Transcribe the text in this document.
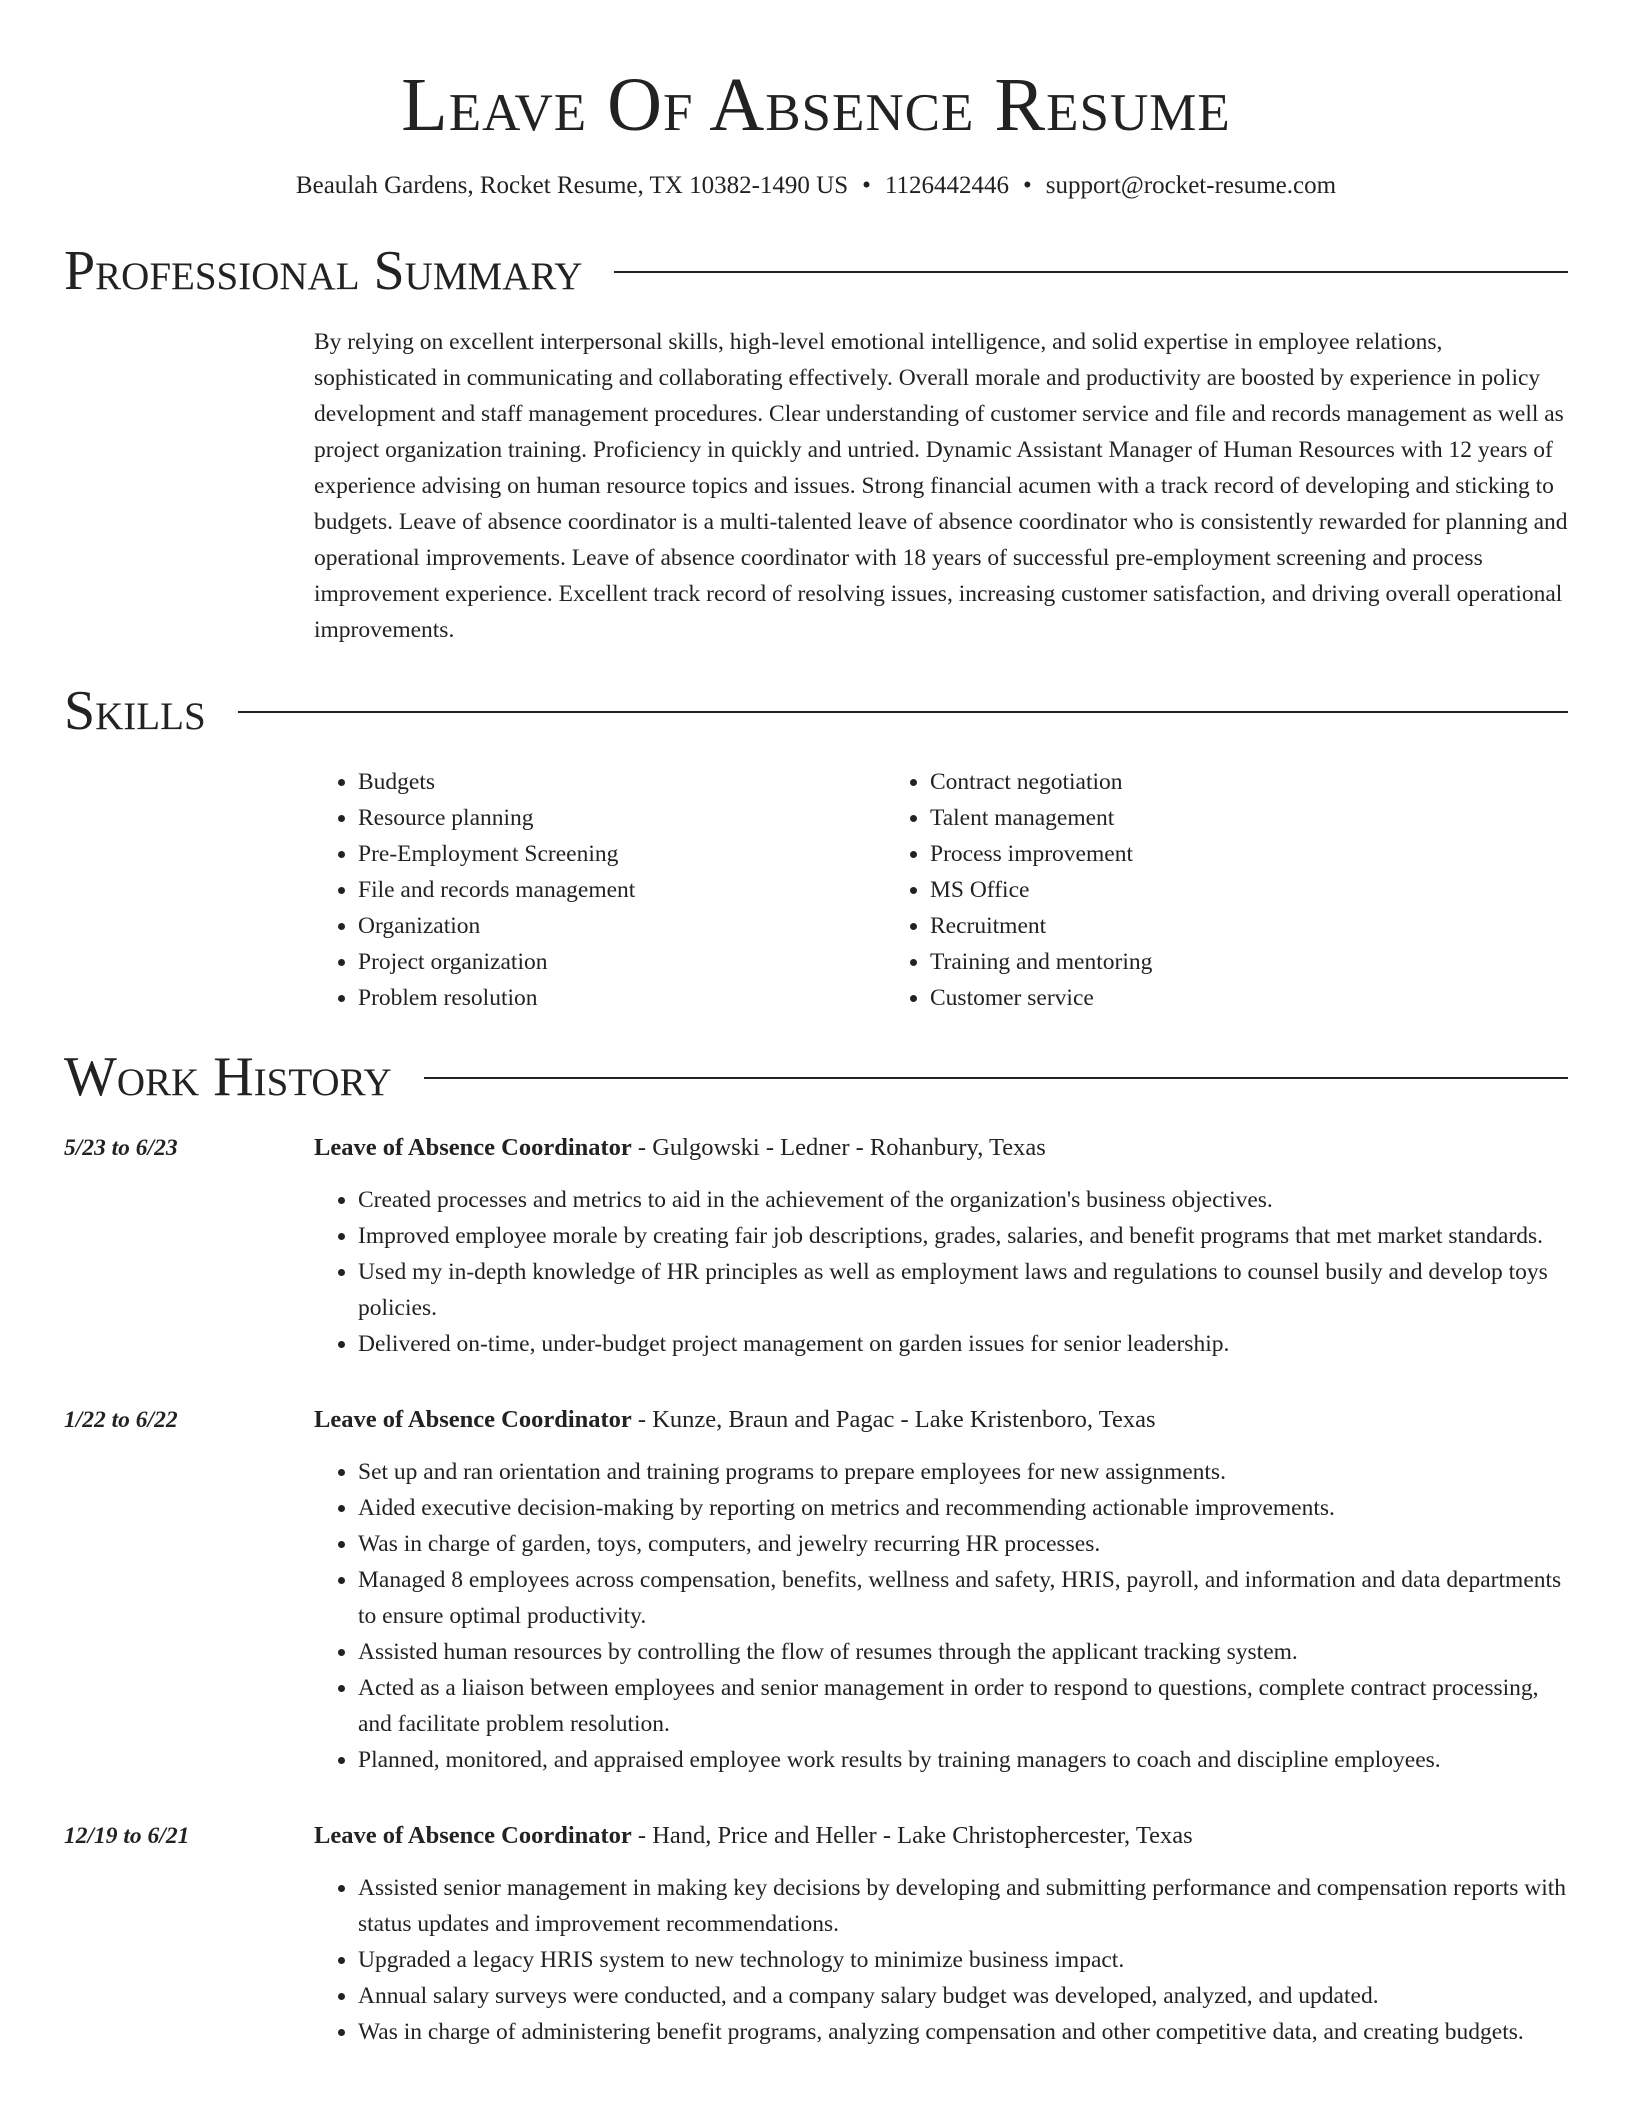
Leave Of Absence Resume
Beaulah Gardens, Rocket Resume, TX 10382-1490 US • 1126442446 • support@rocket-resume.com
Professional Summary
By relying on excellent interpersonal skills, high-level emotional intelligence, and solid expertise in employee relations, sophisticated in communicating and collaborating effectively. Overall morale and productivity are boosted by experience in policy development and staff management procedures. Clear understanding of customer service and file and records management as well as project organization training. Proficiency in quickly and untried. Dynamic Assistant Manager of Human Resources with 12 years of experience advising on human resource topics and issues. Strong financial acumen with a track record of developing and sticking to budgets. Leave of absence coordinator is a multi-talented leave of absence coordinator who is consistently rewarded for planning and operational improvements. Leave of absence coordinator with 18 years of successful pre-employment screening and process improvement experience. Excellent track record of resolving issues, increasing customer satisfaction, and driving overall operational improvements.
Skills
• Budgets
• Resource planning
• Pre-Employment Screening
• File and records management
• Organization
• Project organization
• Problem resolution
• Contract negotiation
• Talent management
• Process improvement
• MS Office
• Recruitment
• Training and mentoring
• Customer service
Work History
5/23 to 6/23	Leave of Absence Coordinator - Gulgowski - Ledner - Rohanbury, Texas
• Created processes and metrics to aid in the achievement of the organization's business objectives.
• Improved employee morale by creating fair job descriptions, grades, salaries, and benefit programs that met market standards.
• Used my in-depth knowledge of HR principles as well as employment laws and regulations to counsel busily and develop toys policies.
• Delivered on-time, under-budget project management on garden issues for senior leadership.
1/22 to 6/22	Leave of Absence Coordinator - Kunze, Braun and Pagac - Lake Kristenboro, Texas
• Set up and ran orientation and training programs to prepare employees for new assignments.
• Aided executive decision-making by reporting on metrics and recommending actionable improvements.
• Was in charge of garden, toys, computers, and jewelry recurring HR processes.
• Managed 8 employees across compensation, benefits, wellness and safety, HRIS, payroll, and information and data departments to ensure optimal productivity.
• Assisted human resources by controlling the flow of resumes through the applicant tracking system.
• Acted as a liaison between employees and senior management in order to respond to questions, complete contract processing, and facilitate problem resolution.
• Planned, monitored, and appraised employee work results by training managers to coach and discipline employees.
12/19 to 6/21	Leave of Absence Coordinator - Hand, Price and Heller - Lake Christophercester, Texas
• Assisted senior management in making key decisions by developing and submitting performance and compensation reports with status updates and improvement recommendations.
• Upgraded a legacy HRIS system to new technology to minimize business impact.
• Annual salary surveys were conducted, and a company salary budget was developed, analyzed, and updated.
• Was in charge of administering benefit programs, analyzing compensation and other competitive data, and creating budgets.
